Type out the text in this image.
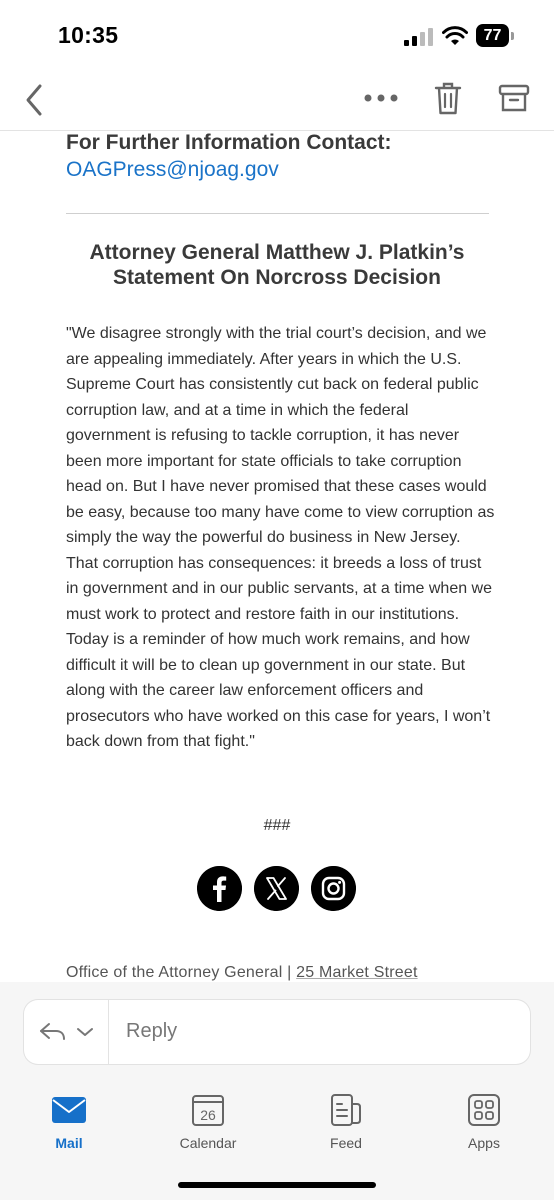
10:35	77
For Further Information Contact:
OAGPress@njoag.gov
Attorney General Matthew J. Platkin’s Statement On Norcross Decision

"We disagree strongly with the trial court’s decision, and we are appealing immediately. After years in which the U.S. Supreme Court has consistently cut back on federal public corruption law, and at a time in which the federal government is refusing to tackle corruption, it has never been more important for state officials to take corruption head on. But I have never promised that these cases would be easy, because too many have come to view corruption as simply the way the powerful do business in New Jersey. That corruption has consequences: it breeds a loss of trust in government and in our public servants, at a time when we must work to protect and restore faith in our institutions. Today is a reminder of how much work remains, and how difficult it will be to clean up government in our state. But along with the career law enforcement officers and prosecutors who have worked on this case for years, I won’t back down from that fight."

###
Office of the Attorney General | 25 Market Street
Reply
Mail
26
Calendar	Feed	Apps
